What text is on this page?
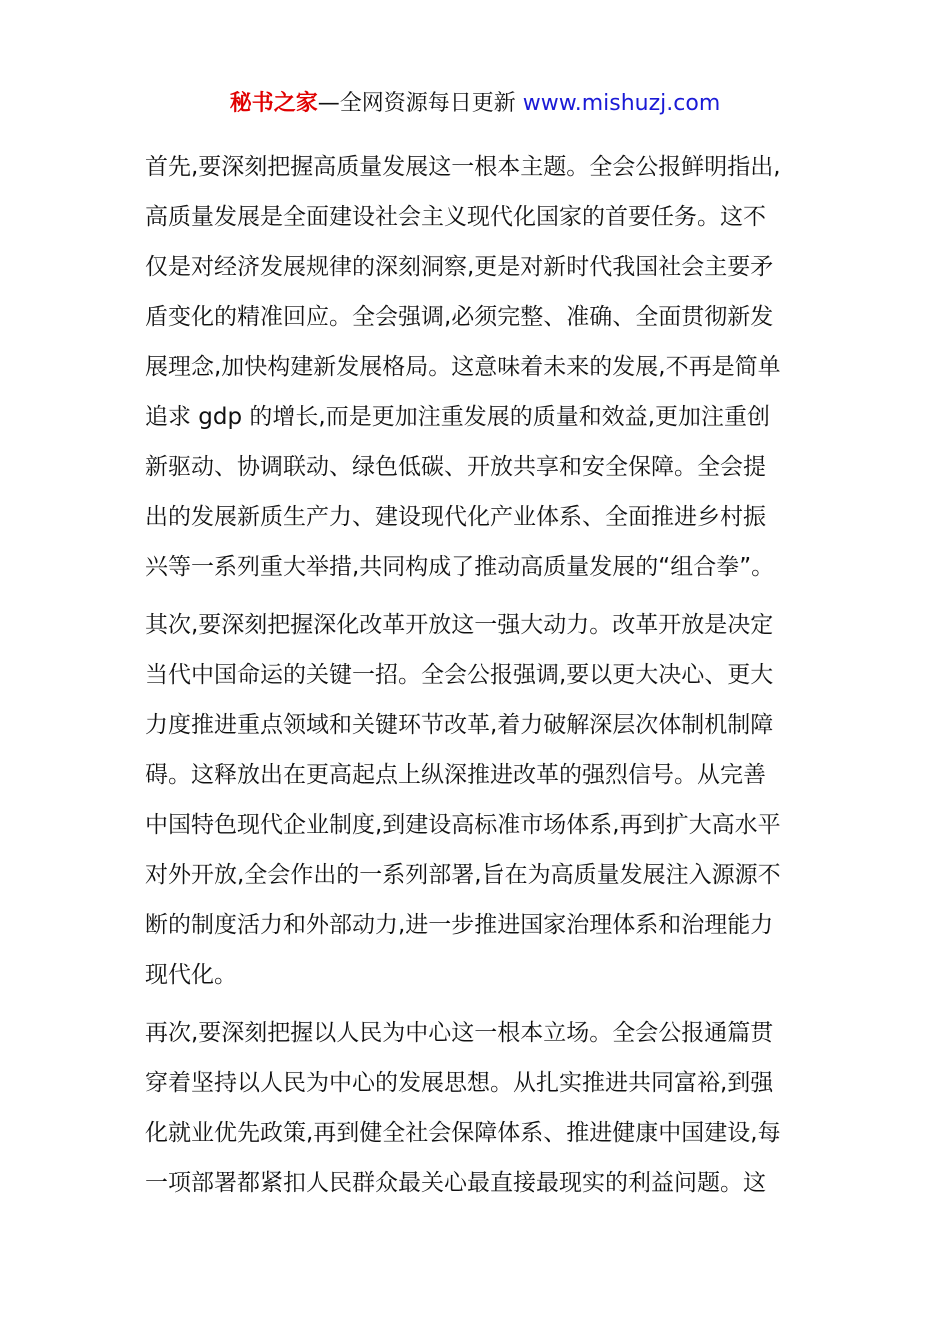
秘书之家—全网资源每日更新 www.mishuzj.com
首先,要深刻把握高质量发展这一根本主题。全会公报鲜明指出,
高质量发展是全面建设社会主义现代化国家的首要任务。这不
仅是对经济发展规律的深刻洞察,更是对新时代我国社会主要矛
盾变化的精准回应。全会强调,必须完整、准确、全面贯彻新发
展理念,加快构建新发展格局。这意味着未来的发展,不再是简单
追求 gdp 的增长,而是更加注重发展的质量和效益,更加注重创
新驱动、协调联动、绿色低碳、开放共享和安全保障。全会提
出的发展新质生产力、建设现代化产业体系、全面推进乡村振
兴等一系列重大举措,共同构成了推动高质量发展的“组合拳”。
其次,要深刻把握深化改革开放这一强大动力。改革开放是决定
当代中国命运的关键一招。全会公报强调,要以更大决心、更大
力度推进重点领域和关键环节改革,着力破解深层次体制机制障
碍。这释放出在更高起点上纵深推进改革的强烈信号。从完善
中国特色现代企业制度,到建设高标准市场体系,再到扩大高水平
对外开放,全会作出的一系列部署,旨在为高质量发展注入源源不
断的制度活力和外部动力,进一步推进国家治理体系和治理能力
现代化。
再次,要深刻把握以人民为中心这一根本立场。全会公报通篇贯
穿着坚持以人民为中心的发展思想。从扎实推进共同富裕,到强
化就业优先政策,再到健全社会保障体系、推进健康中国建设,每
一项部署都紧扣人民群众最关心最直接最现实的利益问题。这
